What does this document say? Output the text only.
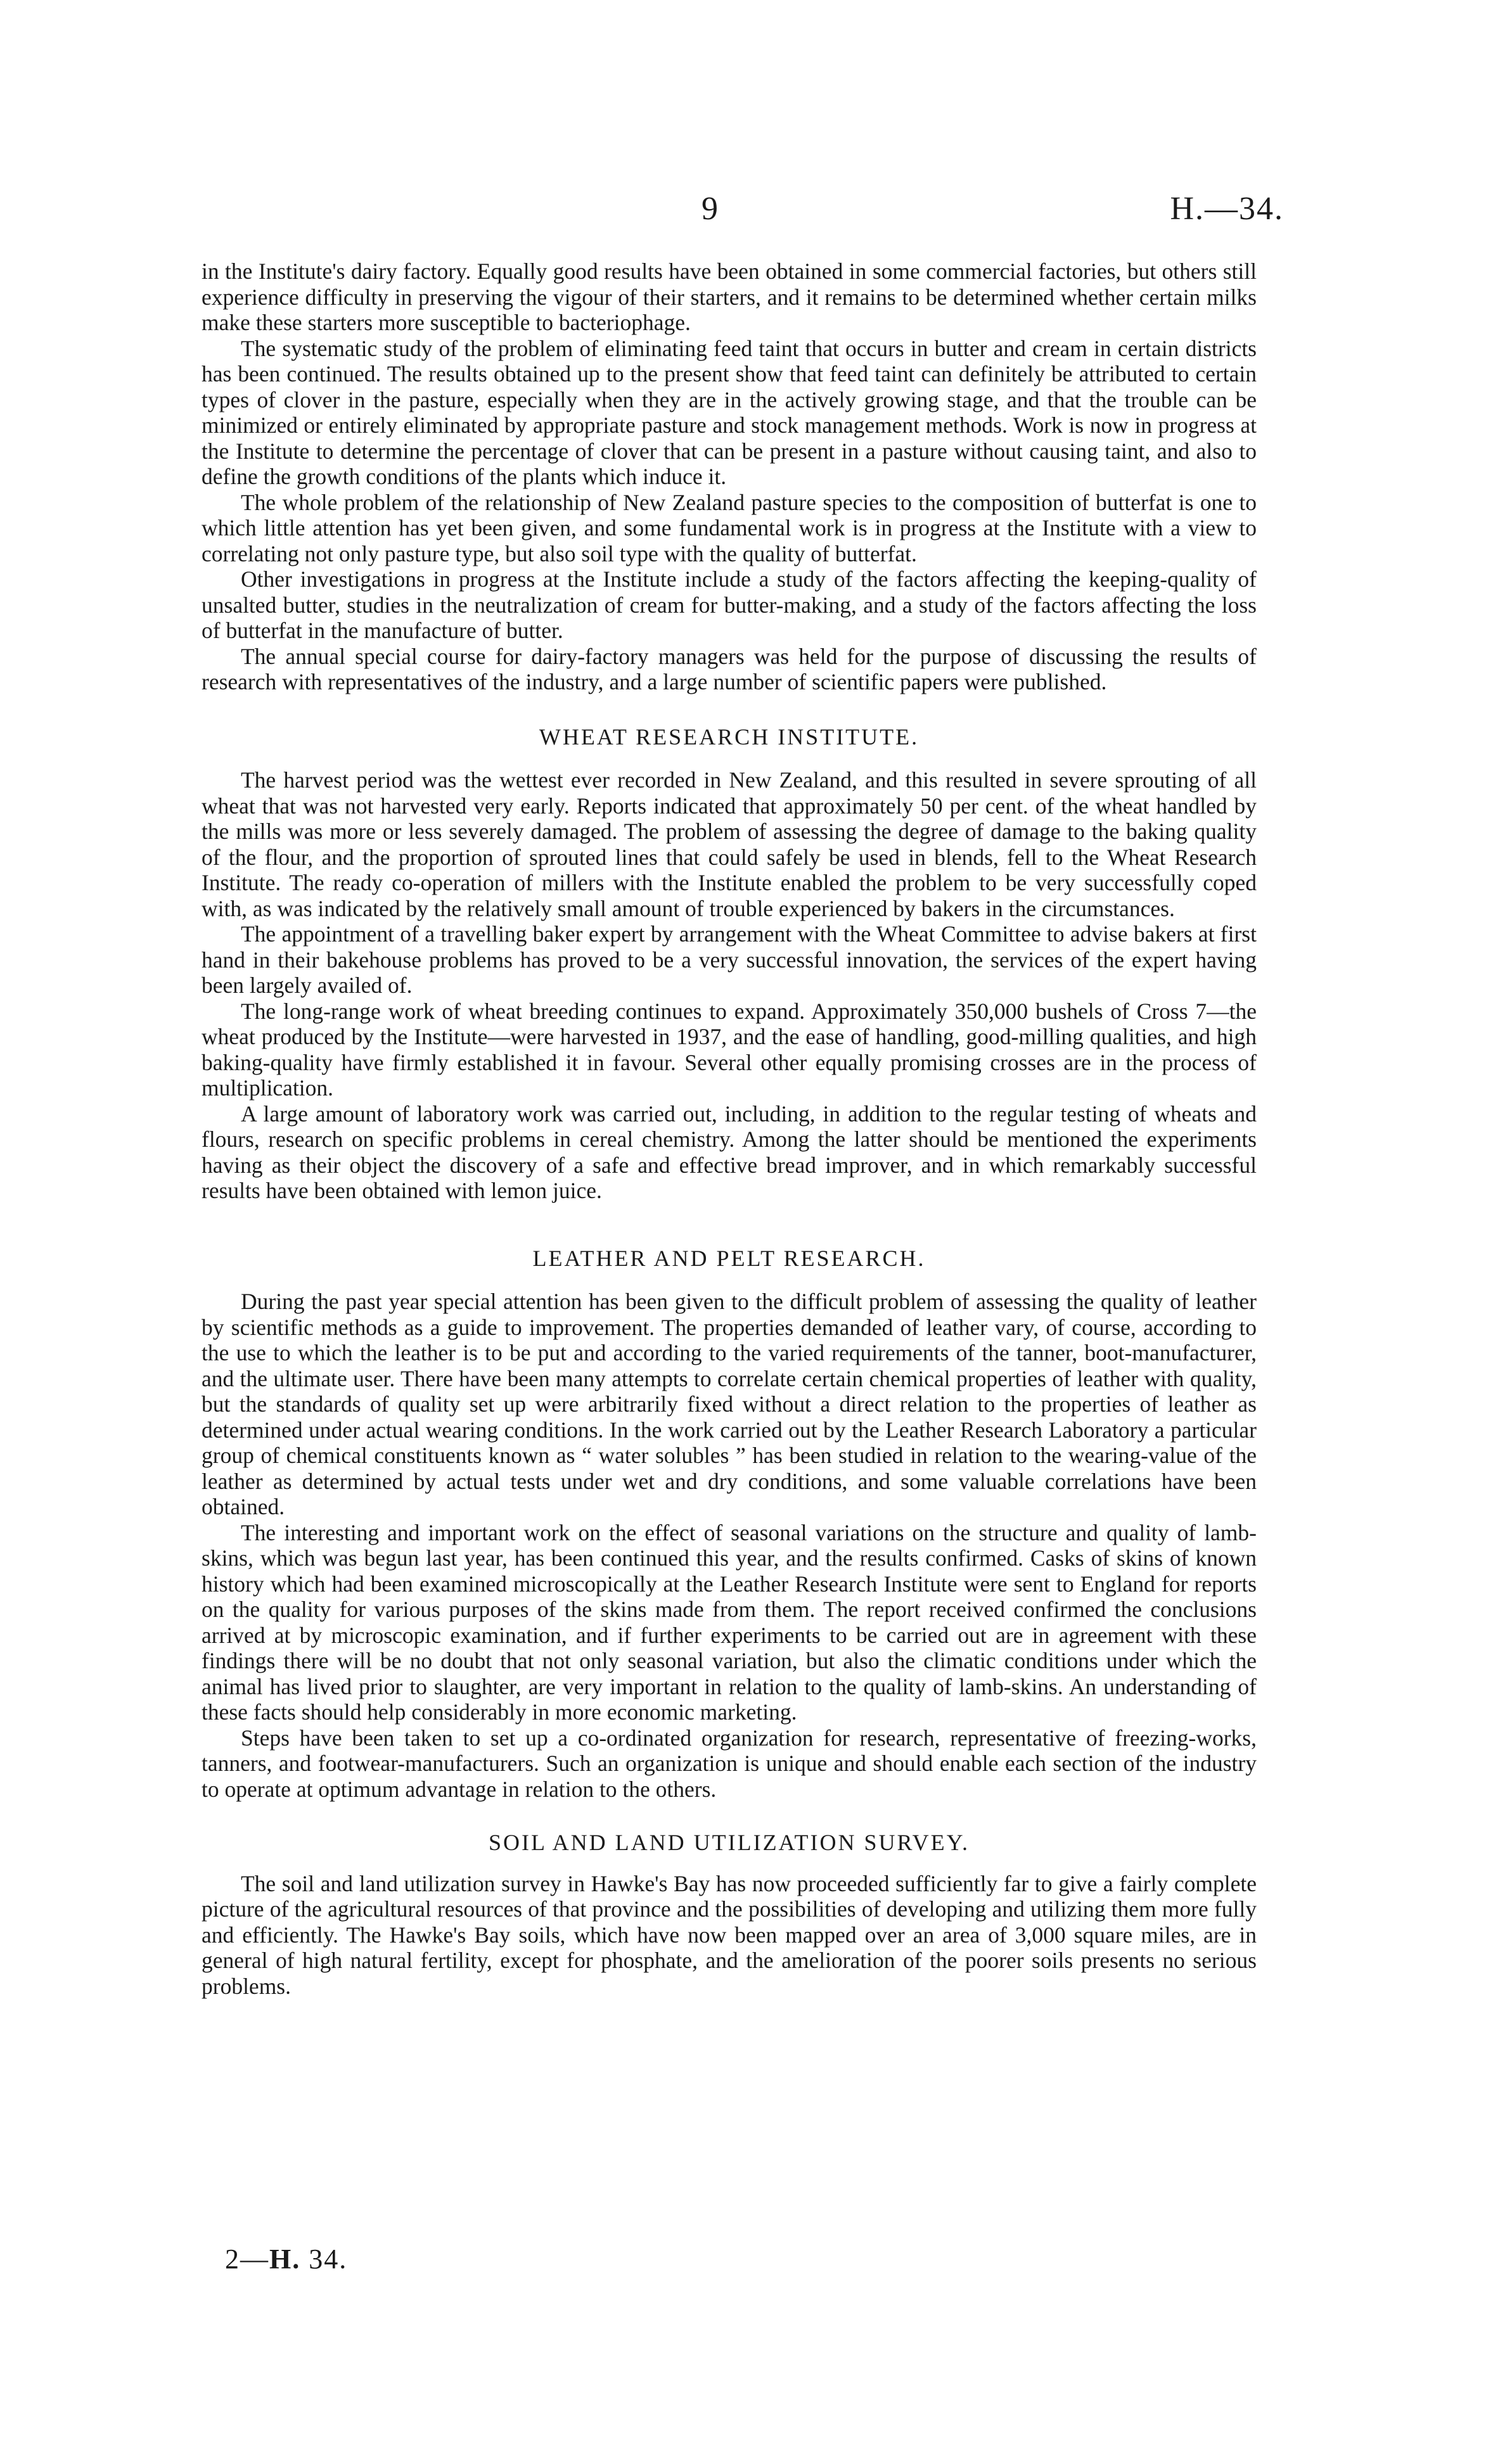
9	H.—34.

in the Institute's dairy factory. Equally good results have been obtained in some commercial factories, but others still experience difficulty in preserving the vigour of their starters, and it remains to be determined whether certain milks make these starters more susceptible to bacteriophage.

The systematic study of the problem of eliminating feed taint that occurs in butter and cream in certain districts has been continued. The results obtained up to the present show that feed taint can definitely be attributed to certain types of clover in the pasture, especially when they are in the actively growing stage, and that the trouble can be minimized or entirely eliminated by appropriate pasture and stock management methods. Work is now in progress at the Institute to determine the percentage of clover that can be present in a pasture without causing taint, and also to define the growth conditions of the plants which induce it.

The whole problem of the relationship of New Zealand pasture species to the composition of butterfat is one to which little attention has yet been given, and some fundamental work is in progress at the Institute with a view to correlating not only pasture type, but also soil type with the quality of butterfat.

Other investigations in progress at the Institute include a study of the factors affecting the keeping-quality of unsalted butter, studies in the neutralization of cream for butter-making, and a study of the factors affecting the loss of butterfat in the manufacture of butter.

The annual special course for dairy-factory managers was held for the purpose of discussing the results of research with representatives of the industry, and a large number of scientific papers were published.

WHEAT RESEARCH INSTITUTE.

The harvest period was the wettest ever recorded in New Zealand, and this resulted in severe sprouting of all wheat that was not harvested very early. Reports indicated that approximately 50 per cent. of the wheat handled by the mills was more or less severely damaged. The problem of assessing the degree of damage to the baking quality of the flour, and the proportion of sprouted lines that could safely be used in blends, fell to the Wheat Research Institute. The ready co-operation of millers with the Institute enabled the problem to be very successfully coped with, as was indicated by the relatively small amount of trouble experienced by bakers in the circumstances.

The appointment of a travelling baker expert by arrangement with the Wheat Committee to advise bakers at first hand in their bakehouse problems has proved to be a very successful innovation, the services of the expert having been largely availed of.

The long-range work of wheat breeding continues to expand. Approximately 350,000 bushels of Cross 7—the wheat produced by the Institute—were harvested in 1937, and the ease of handling, good-milling qualities, and high baking-quality have firmly established it in favour. Several other equally promising crosses are in the process of multiplication.

A large amount of laboratory work was carried out, including, in addition to the regular testing of wheats and flours, research on specific problems in cereal chemistry. Among the latter should be mentioned the experiments having as their object the discovery of a safe and effective bread improver, and in which remarkably successful results have been obtained with lemon juice.

LEATHER AND PELT RESEARCH.

During the past year special attention has been given to the difficult problem of assessing the quality of leather by scientific methods as a guide to improvement. The properties demanded of leather vary, of course, according to the use to which the leather is to be put and according to the varied requirements of the tanner, boot-manufacturer, and the ultimate user. There have been many attempts to correlate certain chemical properties of leather with quality, but the standards of quality set up were arbitrarily fixed without a direct relation to the properties of leather as determined under actual wearing conditions. In the work carried out by the Leather Research Laboratory a particular group of chemical constituents known as “ water solubles ” has been studied in relation to the wearing-value of the leather as determined by actual tests under wet and dry conditions, and some valuable correlations have been obtained.

The interesting and important work on the effect of seasonal variations on the structure and quality of lamb-skins, which was begun last year, has been continued this year, and the results confirmed. Casks of skins of known history which had been examined microscopically at the Leather Research Institute were sent to England for reports on the quality for various purposes of the skins made from them. The report received confirmed the conclusions arrived at by microscopic examination, and if further experiments to be carried out are in agreement with these findings there will be no doubt that not only seasonal variation, but also the climatic conditions under which the animal has lived prior to slaughter, are very important in relation to the quality of lamb-skins. An understanding of these facts should help considerably in more economic marketing.

Steps have been taken to set up a co-ordinated organization for research, representative of freezing-works, tanners, and footwear-manufacturers. Such an organization is unique and should enable each section of the industry to operate at optimum advantage in relation to the others.

SOIL AND LAND UTILIZATION SURVEY.

The soil and land utilization survey in Hawke's Bay has now proceeded sufficiently far to give a fairly complete picture of the agricultural resources of that province and the possibilities of developing and utilizing them more fully and efficiently. The Hawke's Bay soils, which have now been mapped over an area of 3,000 square miles, are in general of high natural fertility, except for phosphate, and the amelioration of the poorer soils presents no serious problems.

2—H. 34.
